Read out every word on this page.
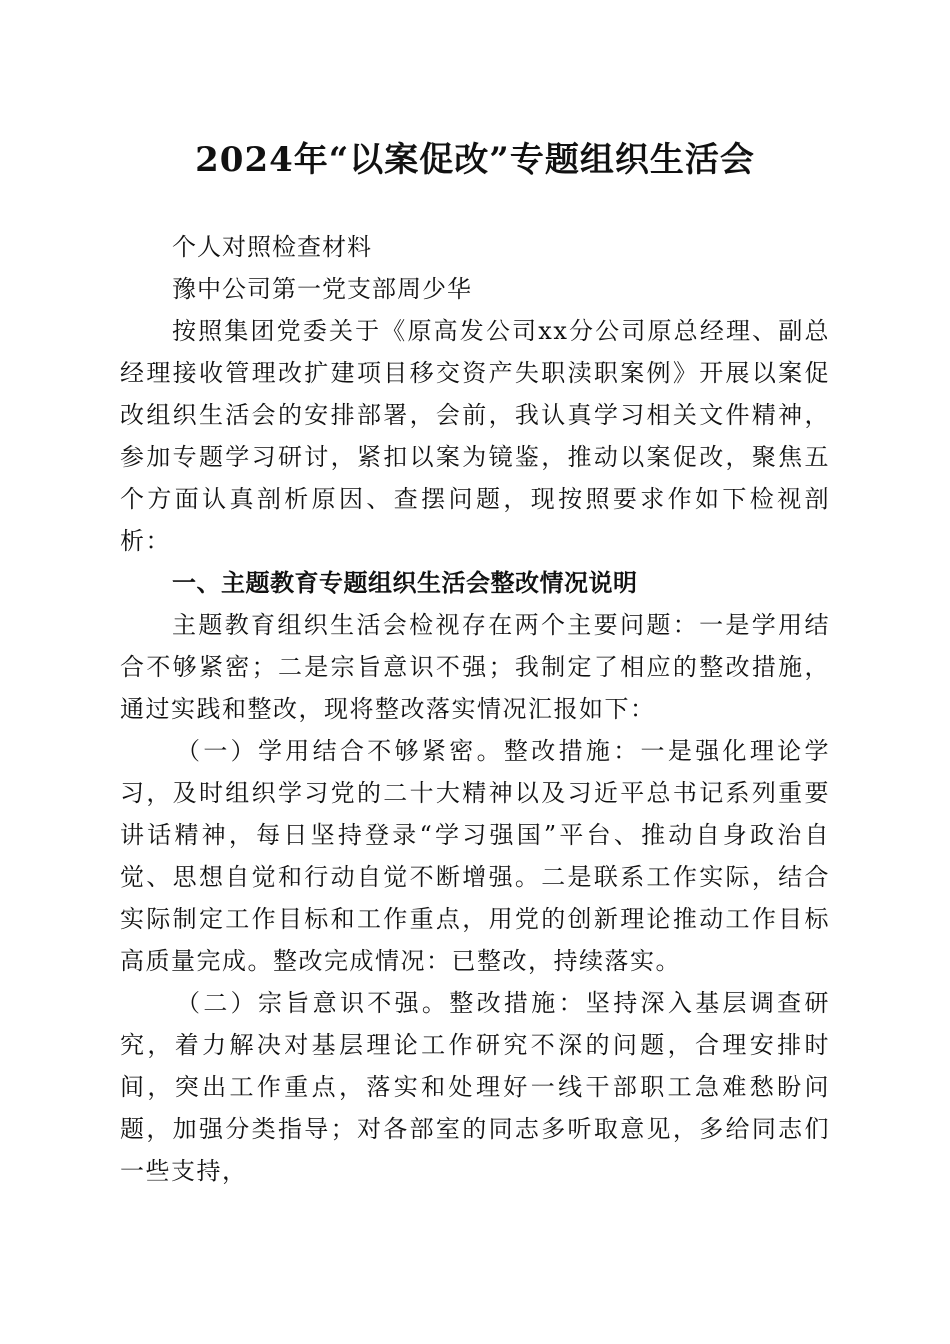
2024年“以案促改”专题组织生活会

个人对照检查材料

豫中公司第一党支部周少华

按照集团党委关于《原高发公司xx分公司原总经理、副总经理接收管理改扩建项目移交资产失职渎职案例》开展以案促改组织生活会的安排部署，会前，我认真学习相关文件精神，参加专题学习研讨，紧扣以案为镜鉴，推动以案促改，聚焦五个方面认真剖析原因、查摆问题，现按照要求作如下检视剖析：

一、主题教育专题组织生活会整改情况说明

主题教育组织生活会检视存在两个主要问题：一是学用结合不够紧密；二是宗旨意识不强；我制定了相应的整改措施，通过实践和整改，现将整改落实情况汇报如下：

（一）学用结合不够紧密。整改措施：一是强化理论学习，及时组织学习党的二十大精神以及习近平总书记系列重要讲话精神，每日坚持登录“学习强国”平台、推动自身政治自觉、思想自觉和行动自觉不断增强。二是联系工作实际，结合实际制定工作目标和工作重点，用党的创新理论推动工作目标高质量完成。整改完成情况：已整改，持续落实。

（二）宗旨意识不强。整改措施：坚持深入基层调查研究，着力解决对基层理论工作研究不深的问题，合理安排时间，突出工作重点，落实和处理好一线干部职工急难愁盼问题，加强分类指导；对各部室的同志多听取意见，多给同志们一些支持，
